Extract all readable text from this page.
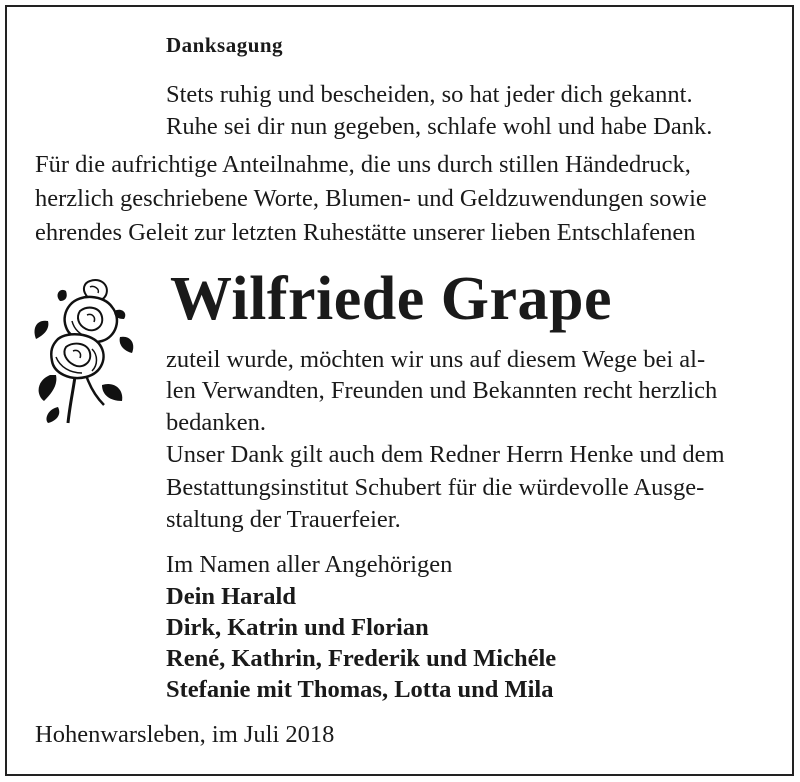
Danksagung
Stets ruhig und bescheiden, so hat jeder dich gekannt.
Ruhe sei dir nun gegeben, schlafe wohl und habe Dank.
Für die aufrichtige Anteilnahme, die uns durch stillen Händedruck,
herzlich geschriebene Worte, Blumen- und Geldzuwendungen sowie
ehrendes Geleit zur letzten Ruhestätte unserer lieben Entschlafenen
Wilfriede Grape
zuteil wurde, möchten wir uns auf diesem Wege bei al-
len Verwandten, Freunden und Bekannten recht herzlich
bedanken.
Unser Dank gilt auch dem Redner Herrn Henke und dem
Bestattungsinstitut Schubert für die würdevolle Ausge-
staltung der Trauerfeier.
Im Namen aller Angehörigen
Dein Harald
Dirk, Katrin und Florian
René, Kathrin, Frederik und Michéle
Stefanie mit Thomas, Lotta und Mila
Hohenwarsleben, im Juli 2018
